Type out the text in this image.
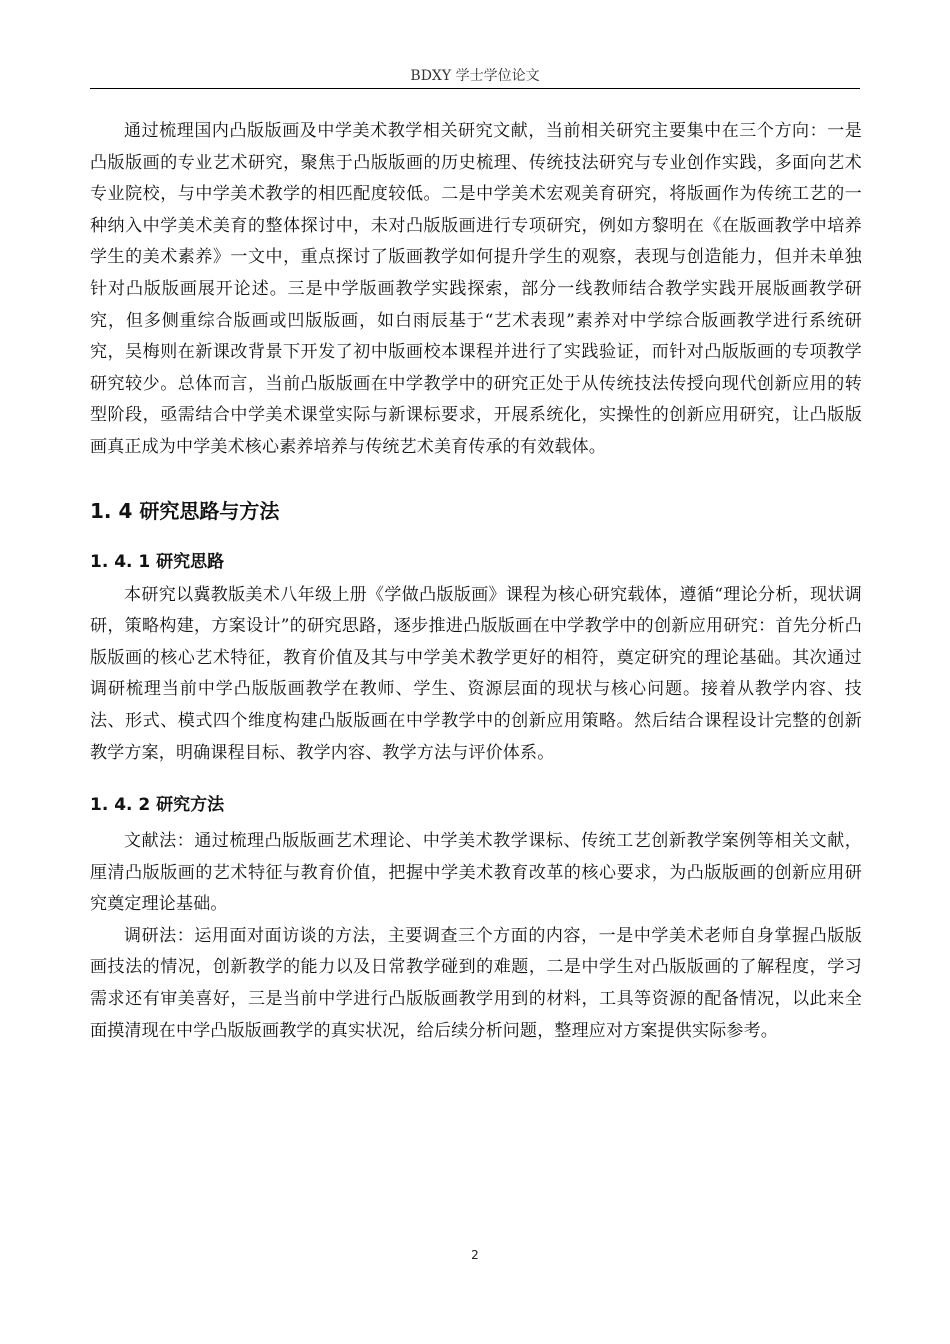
BDXY 学士学位论文

通过梳理国内凸版版画及中学美术教学相关研究文献，当前相关研究主要集中在三个方向：一是凸版版画的专业艺术研究，聚焦于凸版版画的历史梳理、传统技法研究与专业创作实践，多面向艺术专业院校，与中学美术教学的相匹配度较低。二是中学美术宏观美育研究，将版画作为传统工艺的一种纳入中学美术美育的整体探讨中，未对凸版版画进行专项研究，例如方黎明在《在版画教学中培养学生的美术素养》一文中，重点探讨了版画教学如何提升学生的观察，表现与创造能力，但并未单独针对凸版版画展开论述。三是中学版画教学实践探索，部分一线教师结合教学实践开展版画教学研究，但多侧重综合版画或凹版版画，如白雨辰基于“艺术表现”素养对中学综合版画教学进行系统研究，吴梅则在新课改背景下开发了初中版画校本课程并进行了实践验证，而针对凸版版画的专项教学研究较少。总体而言，当前凸版版画在中学教学中的研究正处于从传统技法传授向现代创新应用的转型阶段，亟需结合中学美术课堂实际与新课标要求，开展系统化，实操性的创新应用研究，让凸版版画真正成为中学美术核心素养培养与传统艺术美育传承的有效载体。

1. 4 研究思路与方法
1. 4. 1 研究思路

本研究以冀教版美术八年级上册《学做凸版版画》课程为核心研究载体，遵循“理论分析，现状调研，策略构建，方案设计”的研究思路，逐步推进凸版版画在中学教学中的创新应用研究：首先分析凸版版画的核心艺术特征，教育价值及其与中学美术教学更好的相符，奠定研究的理论基础。其次通过调研梳理当前中学凸版版画教学在教师、学生、资源层面的现状与核心问题。接着从教学内容、技法、形式、模式四个维度构建凸版版画在中学教学中的创新应用策略。然后结合课程设计完整的创新教学方案，明确课程目标、教学内容、教学方法与评价体系。

1. 4. 2 研究方法

文献法：通过梳理凸版版画艺术理论、中学美术教学课标、传统工艺创新教学案例等相关文献，厘清凸版版画的艺术特征与教育价值，把握中学美术教育改革的核心要求，为凸版版画的创新应用研究奠定理论基础。

调研法：运用面对面访谈的方法，主要调查三个方面的内容，一是中学美术老师自身掌握凸版版画技法的情况，创新教学的能力以及日常教学碰到的难题，二是中学生对凸版版画的了解程度，学习需求还有审美喜好，三是当前中学进行凸版版画教学用到的材料，工具等资源的配备情况，以此来全面摸清现在中学凸版版画教学的真实状况，给后续分析问题，整理应对方案提供实际参考。

2
